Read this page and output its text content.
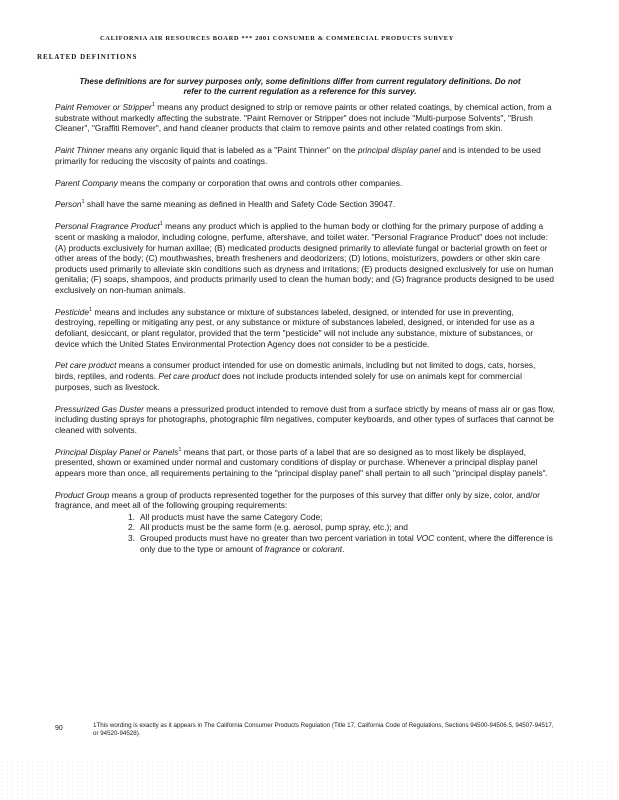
CALIFORNIA AIR RESOURCES BOARD *** 2001 CONSUMER & COMMERCIAL PRODUCTS SURVEY
RELATED DEFINITIONS
These definitions are for survey purposes only, some definitions differ from current regulatory definitions. Do not refer to the current regulation as a reference for this survey.

Paint Remover or Stripper$^1$ means any product designed to strip or remove paints or other related coatings, by chemical action, from a substrate without markedly affecting the substrate. "Paint Remover or Stripper" does not include "Multi-purpose Solvents", "Brush Cleaner", "Graffiti Remover", and hand cleaner products that claim to remove paints and other related coatings from skin.

Paint Thinner means any organic liquid that is labeled as a "Paint Thinner" on the principal display panel and is intended to be used primarily for reducing the viscosity of paints and coatings.

Parent Company means the company or corporation that owns and controls other companies.

Person$^1$ shall have the same meaning as defined in Health and Safety Code Section 39047.

Personal Fragrance Product$^1$ means any product which is applied to the human body or clothing for the primary purpose of adding a scent or masking a malodor, including cologne, perfume, aftershave, and toilet water. "Personal Fragrance Product" does not include: (A) products exclusively for human axillae; (B) medicated products designed primarily to alleviate fungal or bacterial growth on feet or other areas of the body; (C) mouthwashes, breath fresheners and deodorizers; (D) lotions, moisturizers, powders or other skin care products used primarily to alleviate skin conditions such as dryness and irritations; (E) products designed exclusively for use on human genitalia; (F) soaps, shampoos, and products primarily used to clean the human body; and (G) fragrance products designed to be used exclusively on non-human animals.

Pesticide$^1$ means and includes any substance or mixture of substances labeled, designed, or intended for use in preventing, destroying, repelling or mitigating any pest, or any substance or mixture of substances labeled, designed, or intended for use as a defoliant, desiccant, or plant regulator, provided that the term "pesticide" will not include any substance, mixture of substances, or device which the United States Environmental Protection Agency does not consider to be a pesticide.

Pet care product means a consumer product intended for use on domestic animals, including but not limited to dogs, cats, horses, birds, reptiles, and rodents. Pet care product does not include products intended solely for use on animals kept for commercial purposes, such as livestock.

Pressurized Gas Duster means a pressurized product intended to remove dust from a surface strictly by means of mass air or gas flow, including dusting sprays for photographs, photographic film negatives, computer keyboards, and other types of surfaces that cannot be cleaned with solvents.

Principal Display Panel or Panels$^1$ means that part, or those parts of a label that are so designed as to most likely be displayed, presented, shown or examined under normal and customary conditions of display or purchase. Whenever a principal display panel appears more than once, all requirements pertaining to the "principal display panel" shall pertain to all such "principal display panels".

Product Group means a group of products represented together for the purposes of this survey that differ only by size, color, and/or fragrance, and meet all of the following grouping requirements:
1. All products must have the same Category Code;
2. All products must be the same form (e.g. aerosol, pump spray, etc.); and
3. Grouped products must have no greater than two percent variation in total VOC content, where the difference is only due to the type or amount of fragrance or colorant.
90	1This wording is exactly as it appears in The California Consumer Products Regulation (Title 17, California Code of Regulations, Sections 94500-94506.5, 94507-94517, or 94520-94528).
